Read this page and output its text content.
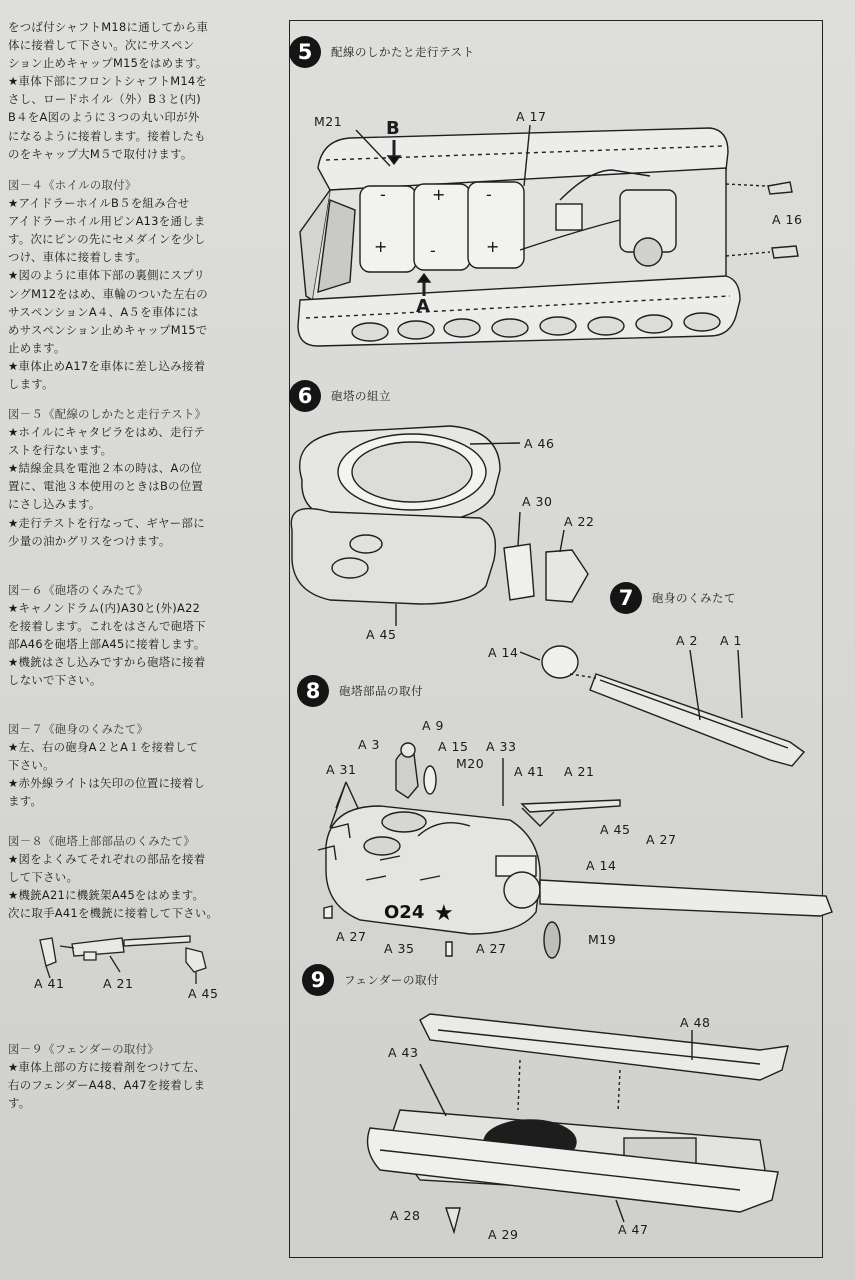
をつば付シャフトM18に通してから車

体に接着して下さい。次にサスペン

ション止めキャップM15をはめます。

★車体下部にフロントシャフトM14を

さし、ロードホイル（外）B３と(内)

B４をA図のように３つの丸い印が外

になるように接着します。接着したも

のをキャップ大M５で取付けます。

図－４《ホイルの取付》

★アイドラーホイルB５を組み合せ

アイドラーホイル用ピンA13を通しま

す。次にピンの先にセメダインを少し

つけ、車体に接着します。

★図のように車体下部の裏側にスプリ

ングM12をはめ、車輪のついた左右の

サスペンションA４、A５を車体には

めサスペンション止めキャップM15で

止めます。

★車体止めA17を車体に差し込み接着

します。

図－５《配線のしかたと走行テスト》

★ホイルにキャタピラをはめ、走行テ

ストを行ないます。

★結線金具を電池２本の時は、Aの位

置に、電池３本使用のときはBの位置

にさし込みます。

★走行テストを行なって、ギヤー部に

少量の油かグリスをつけます。

図－６《砲塔のくみたて》

★キャノンドラム(内)A30と(外)A22

を接着します。これをはさんで砲塔下

部A46を砲塔上部A45に接着します。

★機銃はさし込みですから砲塔に接着

しないで下さい。

図－７《砲身のくみたて》

★左、右の砲身A２とA１を接着して

下さい。

★赤外線ライトは矢印の位置に接着し

ます。

図－８《砲塔上部部品のくみたて》

★図をよくみてそれぞれの部品を接着

して下さい。

★機銃A21に機銃架A45をはめます。

次に取手A41を機銃に接着して下さい。

A 41	A 21
A 45

図－９《フェンダーの取付》

★車体上部の方に接着剤をつけて左、

右のフェンダーA48、A47を接着しま

す。

-
+
+
-
-
+
O24 ★
5	配線のしかたと走行テスト
6	砲塔の組立
7	砲身のくみたて
8	砲塔部品の取付
9	フェンダーの取付
M21 B
A 17
A 16
A
A 46
A 30
A 22
A 45
A 14
A 2 A 1
A 9
A 3	A 15 A 33
M20
A 41 A 21
A 31
A 45
A 27
A 14
A 27
A 35	A 27
M19
A 48
A 43
A 28
A 47
A 29
